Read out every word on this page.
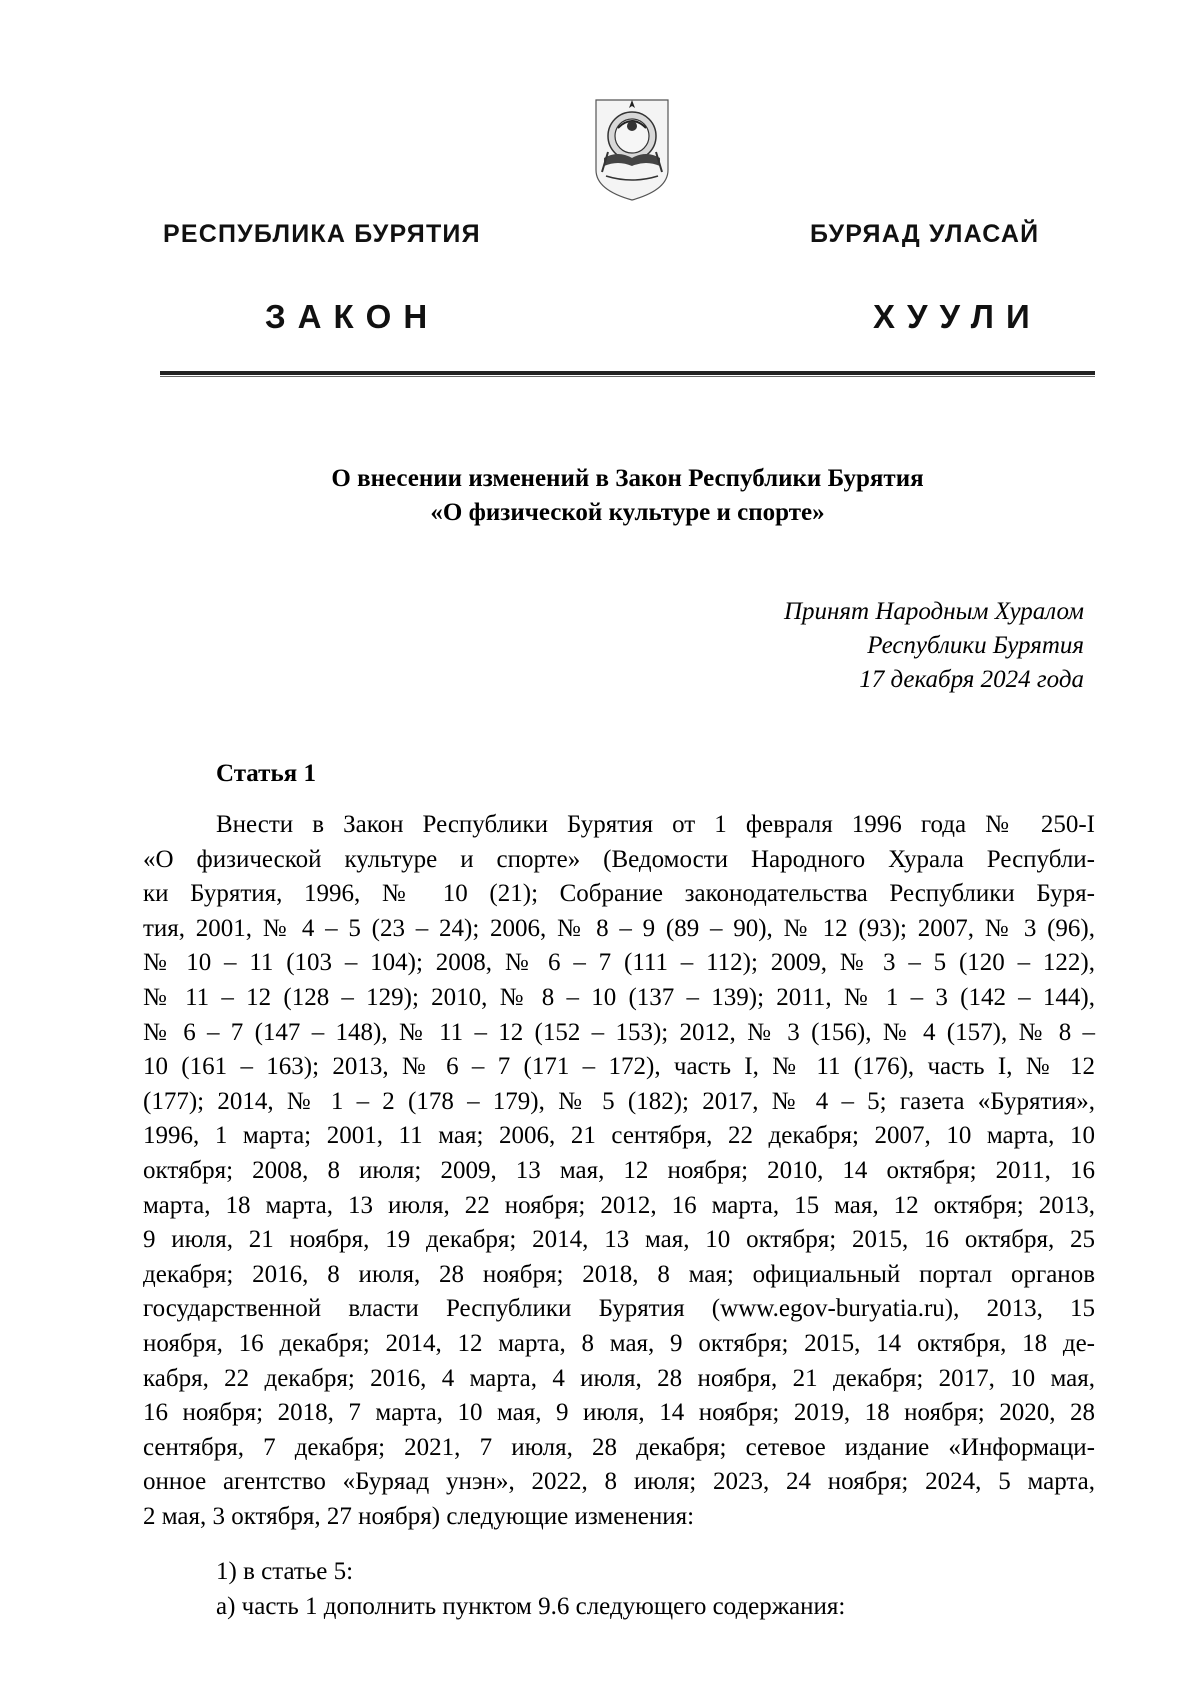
РЕСПУБЛИКА БУРЯТИЯ	БУРЯАД УЛАСАЙ

ЗАКОН	ХУУЛИ

О внесении изменений в Закон Республики Бурятия
«О физической культуре и спорте»

Принят Народным Хуралом
Республики Бурятия
17 декабря 2024 года

Статья 1
Внести в Закон Республики Бурятия от 1 февраля 1996 года № 250-I
«О физической культуре и спорте» (Ведомости Народного Хурала Республи-
ки Бурятия, 1996, № 10 (21); Собрание законодательства Республики Буря-
тия, 2001, № 4 – 5 (23 – 24); 2006, № 8 – 9 (89 – 90), № 12 (93); 2007, № 3 (96),
№ 10 – 11 (103 – 104); 2008, № 6 – 7 (111 – 112); 2009, № 3 – 5 (120 – 122),
№ 11 – 12 (128 – 129); 2010, № 8 – 10 (137 – 139); 2011, № 1 – 3 (142 – 144),
№ 6 – 7 (147 – 148), № 11 – 12 (152 – 153); 2012, № 3 (156), № 4 (157), № 8 –
10 (161 – 163); 2013, № 6 – 7 (171 – 172), часть I, № 11 (176), часть I, № 12
(177); 2014, № 1 – 2 (178 – 179), № 5 (182); 2017, № 4 – 5; газета «Бурятия»,
1996, 1 марта; 2001, 11 мая; 2006, 21 сентября, 22 декабря; 2007, 10 марта, 10
октября; 2008, 8 июля; 2009, 13 мая, 12 ноября; 2010, 14 октября; 2011, 16
марта, 18 марта, 13 июля, 22 ноября; 2012, 16 марта, 15 мая, 12 октября; 2013,
9 июля, 21 ноября, 19 декабря; 2014, 13 мая, 10 октября; 2015, 16 октября, 25
декабря; 2016, 8 июля, 28 ноября; 2018, 8 мая; официальный портал органов
государственной власти Республики Бурятия (www.egov-buryatia.ru), 2013, 15
ноября, 16 декабря; 2014, 12 марта, 8 мая, 9 октября; 2015, 14 октября, 18 де-
кабря, 22 декабря; 2016, 4 марта, 4 июля, 28 ноября, 21 декабря; 2017, 10 мая,
16 ноября; 2018, 7 марта, 10 мая, 9 июля, 14 ноября; 2019, 18 ноября; 2020, 28
сентября, 7 декабря; 2021, 7 июля, 28 декабря; сетевое издание «Информаци-
онное агентство «Буряад унэн», 2022, 8 июля; 2023, 24 ноября; 2024, 5 марта,
2 мая, 3 октября, 27 ноября) следующие изменения:

1) в статье 5:

а) часть 1 дополнить пунктом 9.6 следующего содержания:
